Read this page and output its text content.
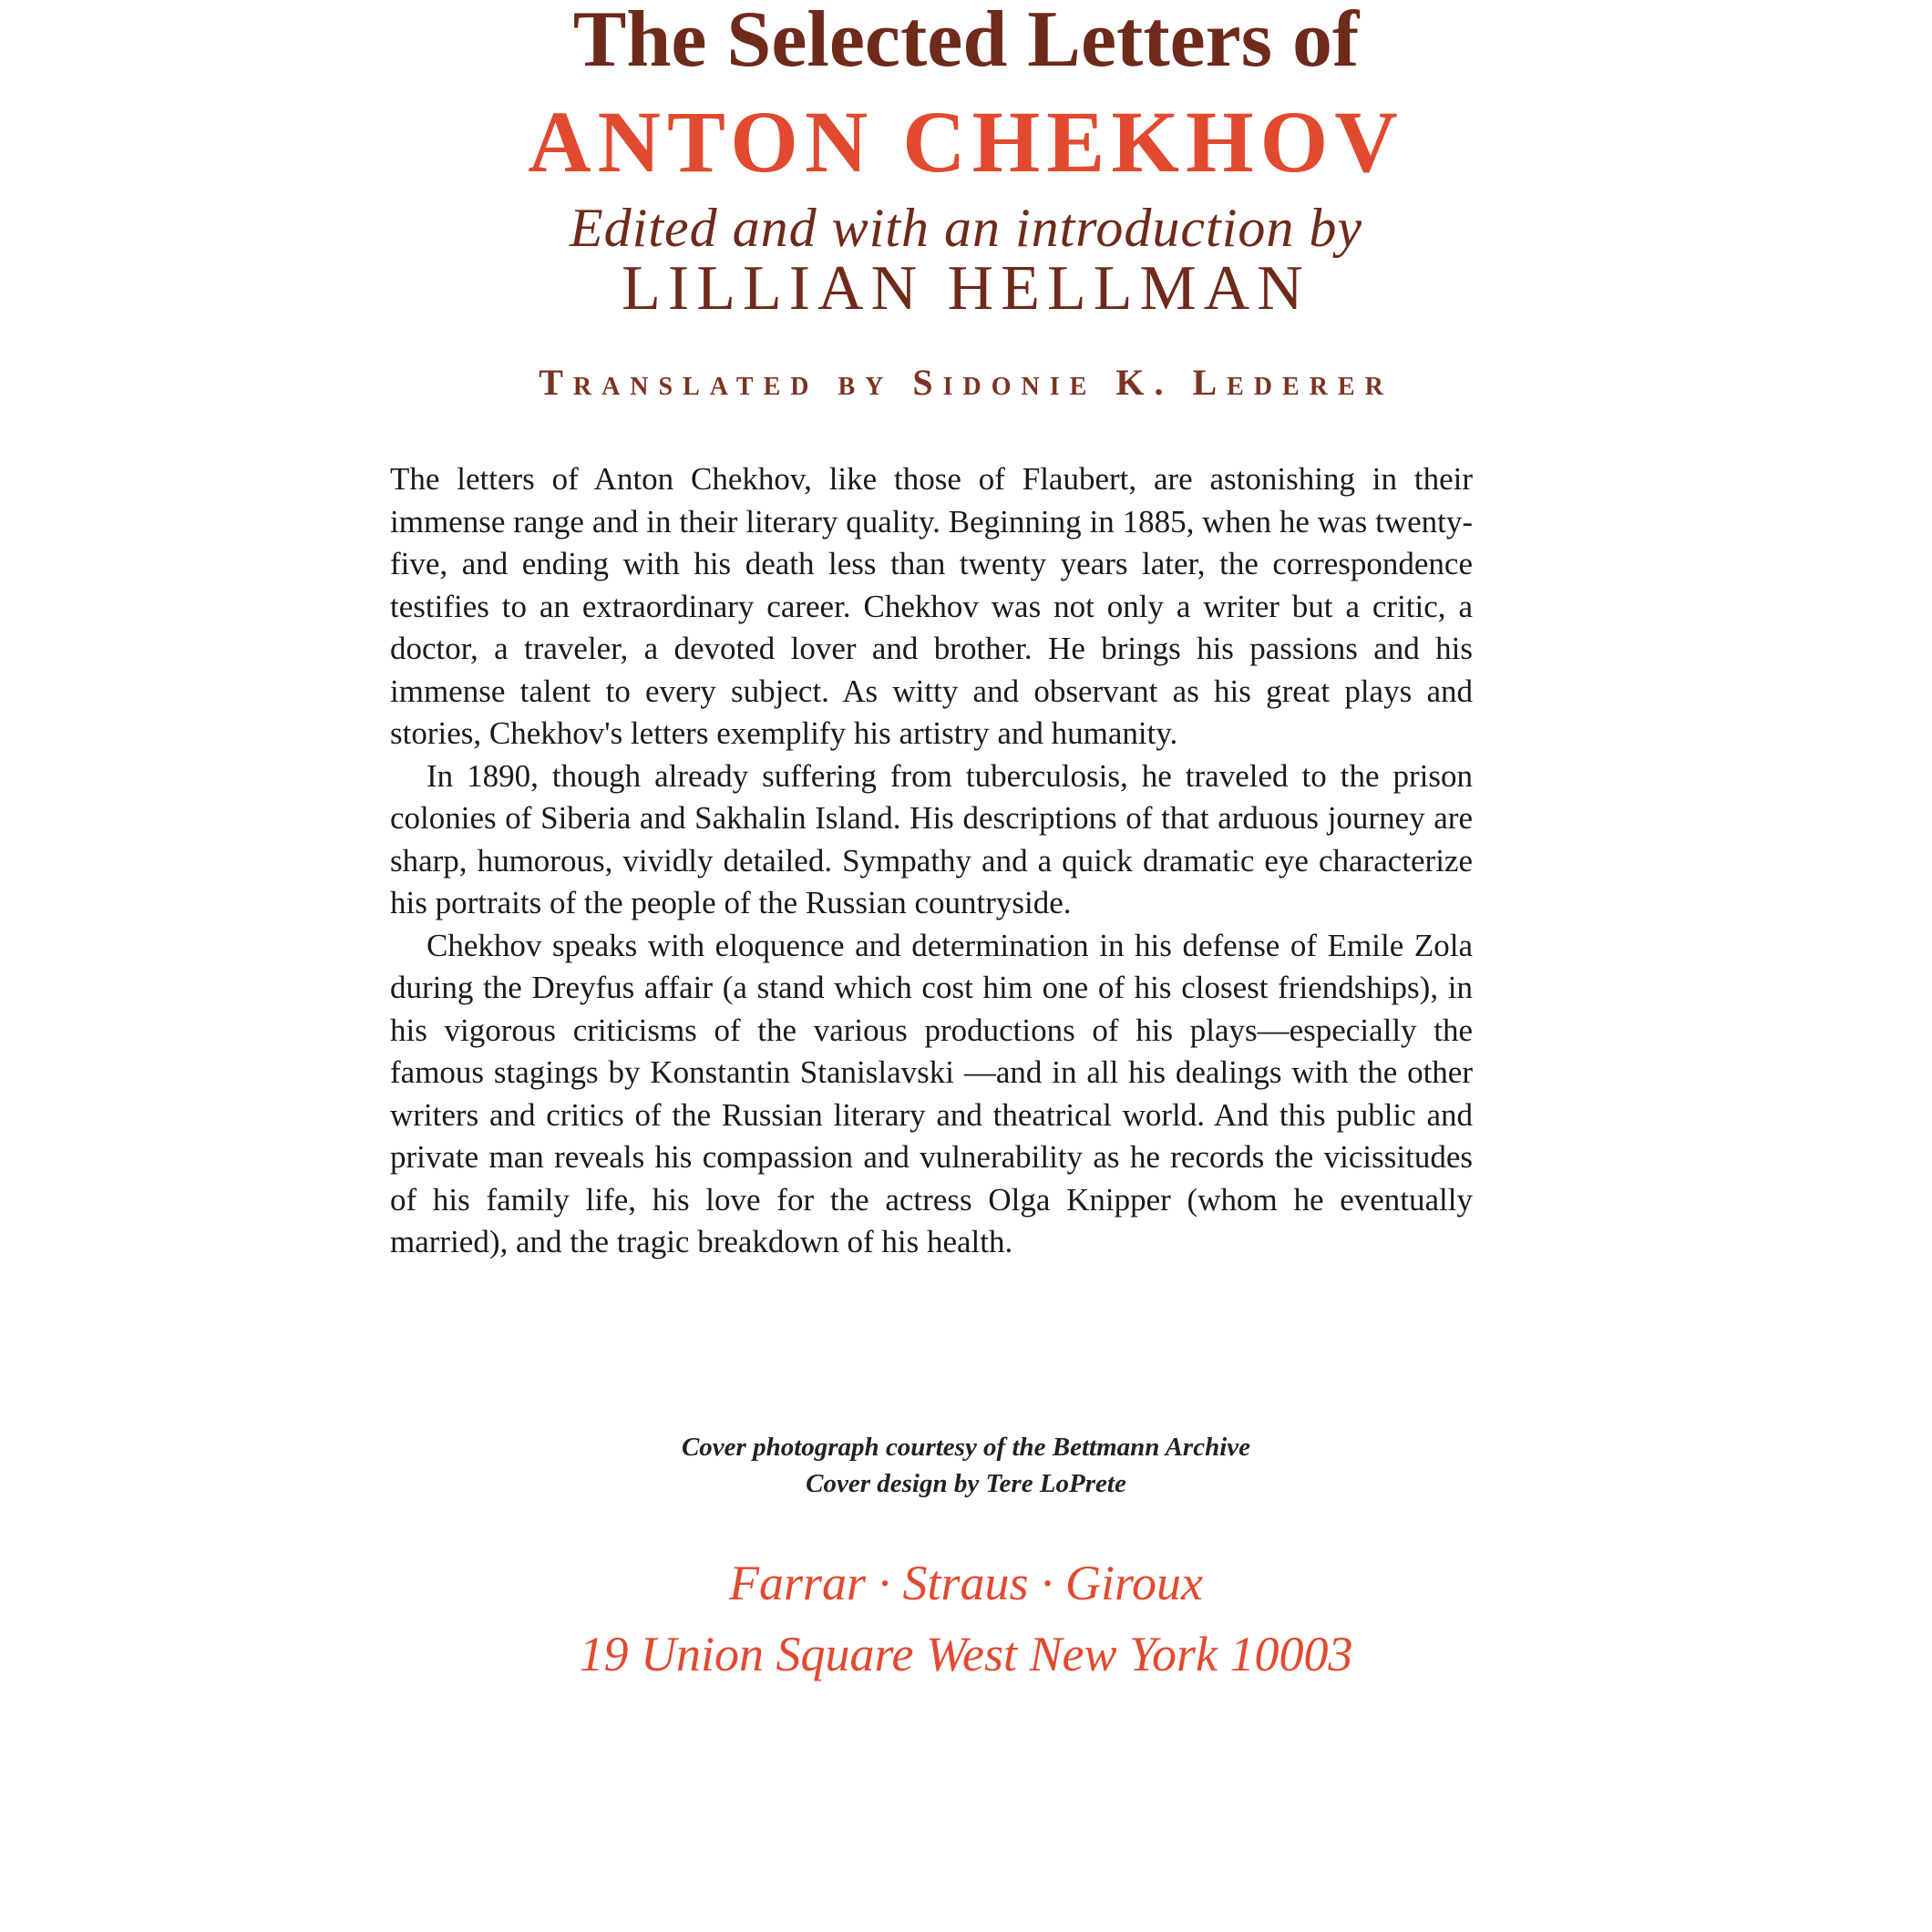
The Selected Letters of
ANTON CHEKHOV
Edited and with an introduction by
LILLIAN HELLMAN
Translated by Sidonie K. Lederer

The letters of Anton Chekhov, like those of Flaubert, are astonishing in their immense range and in their literary quality. Beginning in 1885, when he was twenty-five, and ending with his death less than twenty years later, the correspondence testifies to an extraordinary career. Chekhov was not only a writer but a critic, a doctor, a traveler, a devoted lover and brother. He brings his passions and his immense talent to every subject. As witty and observant as his great plays and stories, Chekhov's letters exemplify his artistry and humanity.

In 1890, though already suffering from tuberculosis, he traveled to the prison colonies of Siberia and Sakhalin Island. His descriptions of that arduous journey are sharp, humorous, vividly detailed. Sympathy and a quick dramatic eye characterize his portraits of the people of the Russian countryside.

Chekhov speaks with eloquence and determination in his defense of Emile Zola during the Dreyfus affair (a stand which cost him one of his closest friendships), in his vigorous criticisms of the various productions of his plays—especially the famous stagings by Konstantin Stanislavski —and in all his dealings with the other writers and critics of the Russian literary and theatrical world. And this public and private man reveals his compassion and vulnerability as he records the vicissitudes of his family life, his love for the actress Olga Knipper (whom he eventually married), and the tragic breakdown of his health.

Cover photograph courtesy of the Bettmann Archive
Cover design by Tere LoPrete
Farrar · Straus · Giroux
19 Union Square West New York 10003
